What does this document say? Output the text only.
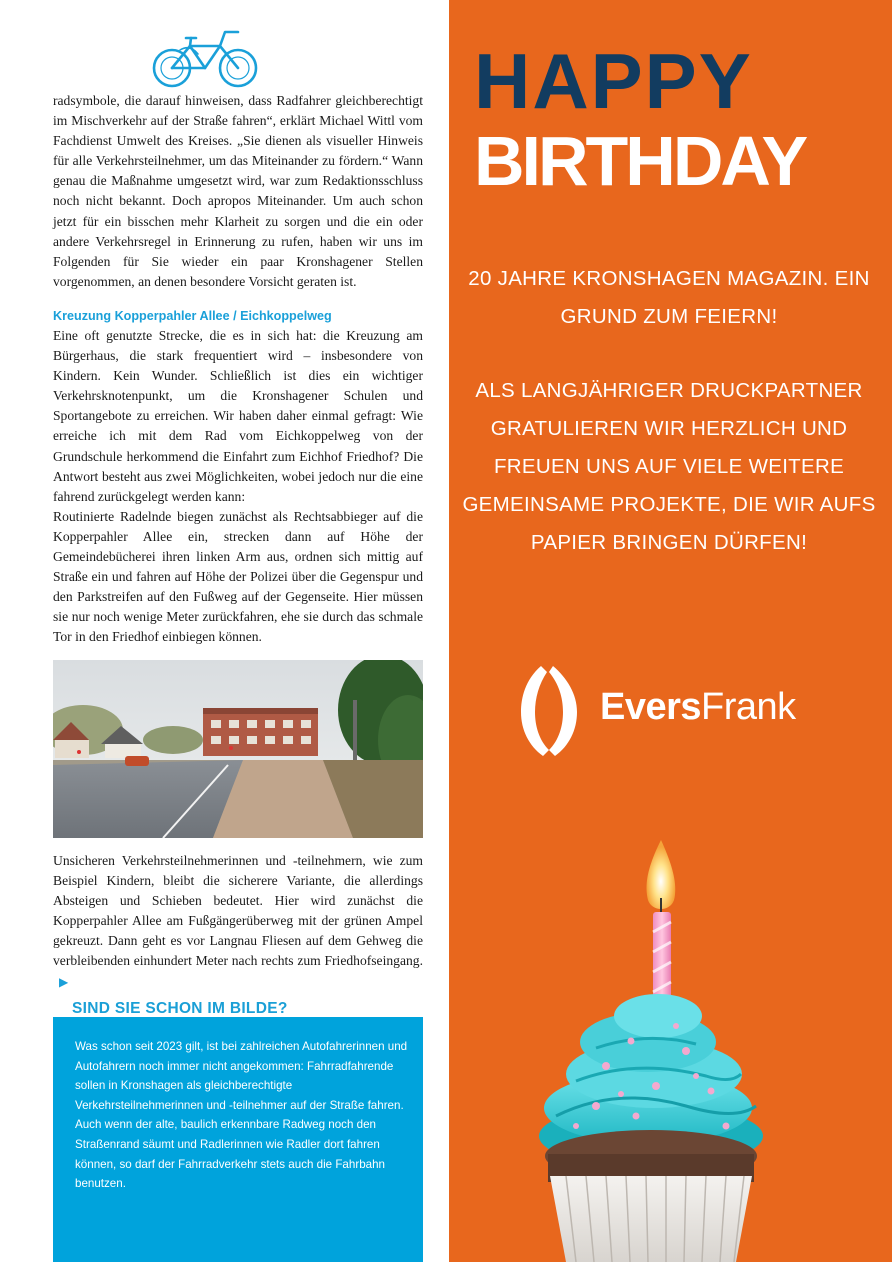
radsymbole, die darauf hinweisen, dass Radfahrer gleichberechtigt im Mischverkehr auf der Straße fahren“, erklärt Michael Wittl vom Fachdienst Umwelt des Kreises. „Sie dienen als visueller Hinweis für alle Verkehrsteilnehmer, um das Miteinander zu fördern.“ Wann genau die Maßnahme umgesetzt wird, war zum Redaktionsschluss noch nicht bekannt. Doch apropos Miteinander. Um auch schon jetzt für ein bisschen mehr Klarheit zu sorgen und die ein oder andere Verkehrsregel in Erinnerung zu rufen, haben wir uns im Folgenden für Sie wieder ein paar Kronshagener Stellen vorgenommen, an denen besondere Vorsicht geraten ist.

Kreuzung Kopperpahler Allee / Eichkoppelweg

Eine oft genutzte Strecke, die es in sich hat: die Kreuzung am Bürgerhaus, die stark frequentiert wird – insbesondere von Kindern. Kein Wunder. Schließlich ist dies ein wichtiger Verkehrsknotenpunkt, um die Kronshagener Schulen und Sportangebote zu erreichen. Wir haben daher einmal gefragt: Wie erreiche ich mit dem Rad vom Eichkoppelweg von der Grundschule herkommend die Einfahrt zum Eichhof Friedhof? Die Antwort besteht aus zwei Möglichkeiten, wobei jedoch nur die eine fahrend zurückgelegt werden kann:
Routinierte Radelnde biegen zunächst als Rechtsabbieger auf die Kopperpahler Allee ein, strecken dann auf Höhe der Gemeindebücherei ihren linken Arm aus, ordnen sich mittig auf Straße ein und fahren auf Höhe der Polizei über die Gegenspur und den Parkstreifen auf den Fußweg auf der Gegenseite. Hier müssen sie nur noch wenige Meter zurückfahren, ehe sie durch das schmale Tor in den Friedhof einbiegen können.

Unsicheren Verkehrsteilnehmerinnen und -teilnehmern, wie zum Beispiel Kindern, bleibt die sicherere Variante, die allerdings Absteigen und Schieben bedeutet. Hier wird zunächst die Kopperpahler Allee am Fußgängerüberweg mit der grünen Ampel gekreuzt. Dann geht es vor Langnau Fliesen auf dem Gehweg die verbleibenden einhundert Meter nach rechts zum Friedhofseingang.▶

SIND SIE SCHON IM BILDE?

Was schon seit 2023 gilt, ist bei zahlreichen Autofahrerinnen und Autofahrern noch immer nicht angekommen: Fahrradfahrende sollen in Kronshagen als gleichberechtigte Verkehrsteilnehmerinnen und -teilnehmer auf der Straße fahren. Auch wenn der alte, baulich erkennbare Radweg noch den Straßenrand säumt und Radlerinnen wie Radler dort fahren können, so darf der Fahrradverkehr stets auch die Fahrbahn benutzen.

HAPPY

BIRTHDAY

20 JAHRE KRONSHAGEN MAGAZIN. EIN GRUND ZUM FEIERN!

ALS LANGJÄHRIGER DRUCKPARTNER GRATULIEREN WIR HERZLICH UND FREUEN UNS AUF VIELE WEITERE GEMEINSAME PROJEKTE, DIE WIR AUFS PAPIER BRINGEN DÜRFEN!

EversFrank
